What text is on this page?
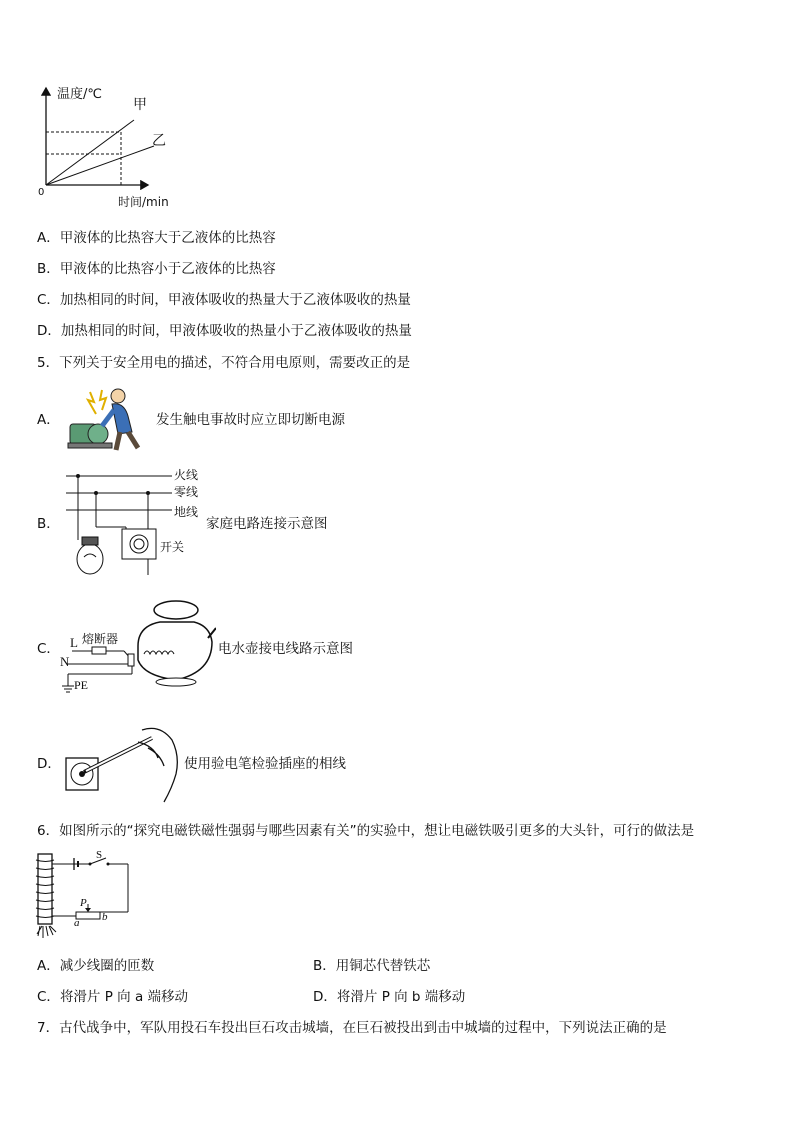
温度/℃
时间/min
0
甲
乙
A．甲液体的比热容大于乙液体的比热容
B．甲液体的比热容小于乙液体的比热容
C．加热相同的时间，甲液体吸收的热量大于乙液体吸收的热量
D．加热相同的时间，甲液体吸收的热量小于乙液体吸收的热量
5．下列关于安全用电的描述，不符合用电原则，需要改正的是
A．	发生触电事故时应立即切断电源
B．
火线
零线
地线
开关
家庭电路连接示意图
C． L 熔断器
N
PE
电水壶接电线路示意图
D．	使用验电笔检验插座的相线
6．如图所示的“探究电磁铁磁性强弱与哪些因素有关”的实验中，想让电磁铁吸引更多的大头针，可行的做法是
S
P
a b
A．减少线圈的匝数	B．用铜芯代替铁芯
C．将滑片 P 向 a 端移动	D．将滑片 P 向 b 端移动
7．古代战争中，军队用投石车投出巨石攻击城墙，在巨石被投出到击中城墙的过程中，下列说法正确的是
